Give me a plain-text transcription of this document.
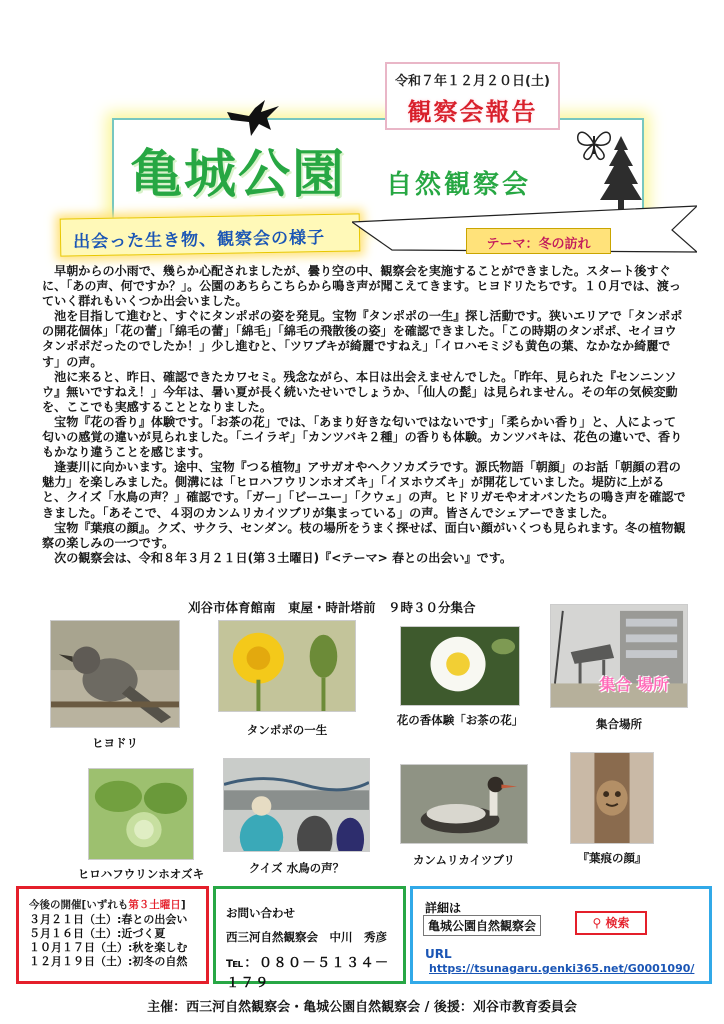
亀城公園 自然観察会
令和７年１２月２０日(土)
観察会報告
出会った生き物、観察会の様子	テーマ：冬の訪れ

早朝からの小雨で、幾らか心配されましたが、曇り空の中、観察会を実施することができました。スタート後すぐに、「あの声、何ですか？」。公園のあちらこちらから鳴き声が聞こえてきます。ヒヨドリたちです。１０月では、渡っていく群れもいくつか出会いました。

池を目指して進むと、すぐにタンポポの姿を発見。宝物『タンポポの一生』探し活動です。狭いエリアで「タンポポの開花個体」「花の蕾」「綿毛の蕾」「綿毛」「綿毛の飛散後の姿」を確認できました。「この時期のタンポポ、セイヨウタンポポだったのでしたか！」少し進むと、「ツワブキが綺麗ですねえ」「イロハモミジも黄色の葉、なかなか綺麗です」の声。

池に来ると、昨日、確認できたカワセミ。残念ながら、本日は出会えませんでした。「昨年、見られた『センニンソウ』無いですねえ！」今年は、暑い夏が長く続いたせいでしょうか、「仙人の髭」は見られません。その年の気候変動を、ここでも実感することとなりました。

宝物『花の香り』体験です。「お茶の花」では、「あまり好きな匂いではないです」「柔らかい香り」と、人によって匂いの感覚の違いが見られました。「ニイラギ」「カンツバキ２種」の香りも体験。カンツバキは、花色の違いで、香りもかなり違うことを感じます。

逢妻川に向かいます。途中、宝物『つる植物』アサガオやヘクソカズラです。源氏物語「朝顔」のお話「朝顔の君の魅力」を楽しみました。側溝には「ヒロハフウリンホオズキ」「イヌホウズキ」が開花していました。堤防に上がると、クイズ「水鳥の声？」確認です。「ガー」「ビーユー」「クウェ」の声。ヒドリガモやオオバンたちの鳴き声を確認できました。「あそこで、４羽のカンムリカイツブリが集まっている」の声。皆さんでシェアーできました。

宝物『葉痕の顔』。クズ、サクラ、センダン。枝の場所をうまく探せば、面白い顔がいくつも見られます。冬の植物観察の楽しみの一つです。

次の観察会は、令和８年３月２１日(第３土曜日)『<テーマ> 春との出会い』です。

刈谷市体育館南　東屋・時計塔前　９時３０分集合
ヒヨドリ
タンポポの一生
花の香体験「お茶の花」
集合 場所
集合場所
ヒロハフウリンホオズキ	クイズ 水鳥の声？
カンムリカイツブリ	『葉痕の顔』
今後の開催[いずれも第３土曜日]
３月２１日（土）:春との出会い
５月１６日（土）:近づく夏
１０月１７日（土）:秋を楽しむ
１２月１９日（土）:初冬の自然
お問い合わせ
西三河自然観察会　中川　秀彦
℡：０８０－５１３４－１７９
詳細は
亀城公園自然観察会	⚲ 検索
URL https://tsunagaru.genki365.net/G0001090/
主催：西三河自然観察会・亀城公園自然観察会 / 後援：刈谷市教育委員会
